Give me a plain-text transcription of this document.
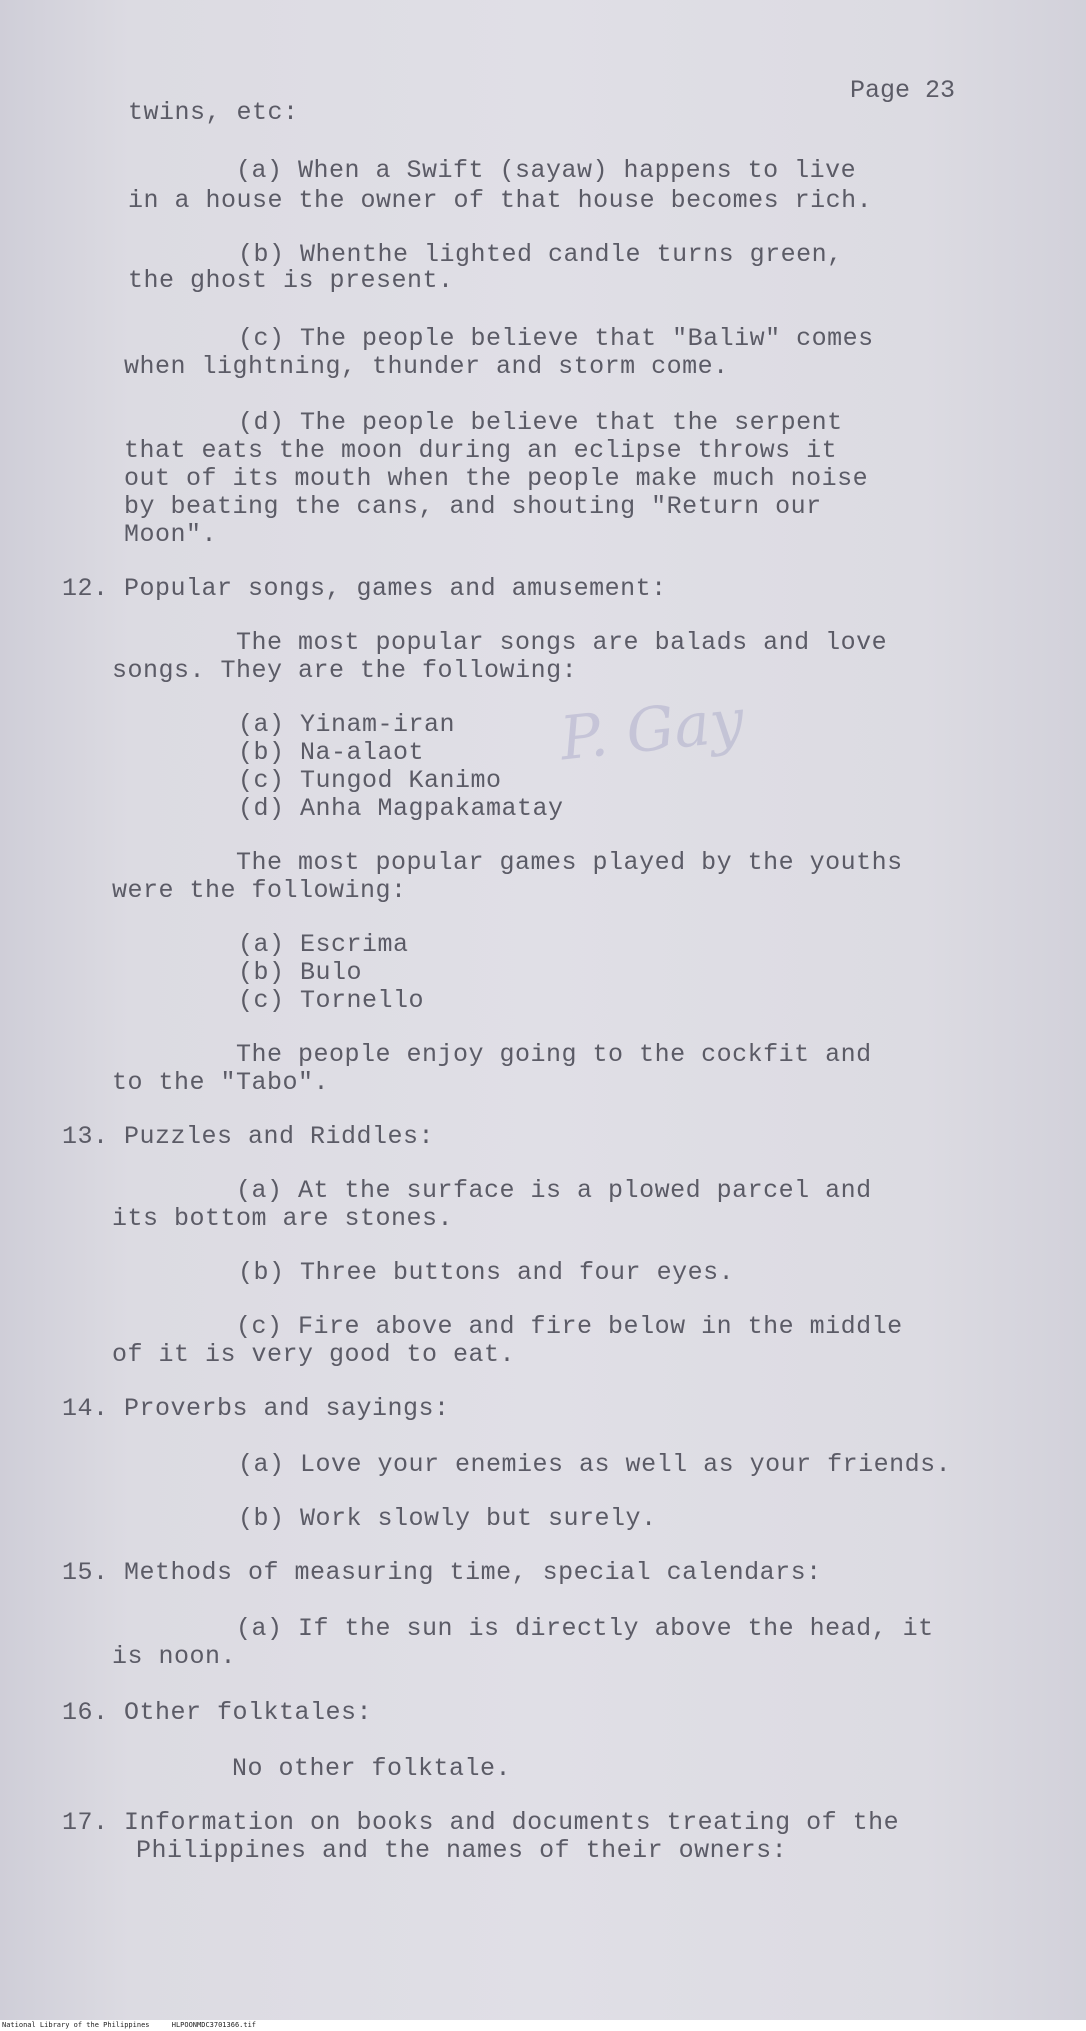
Page 23
P. Gay
twins, etc:
(a) When a Swift (sayaw) happens to live
in a house the owner of that house becomes rich.
(b) Whenthe lighted candle turns green,
the ghost is present.
(c) The people believe that "Baliw" comes
when lightning, thunder and storm come.
(d) The people believe that the serpent
that eats the moon during an eclipse throws it
out of its mouth when the people make much noise
by beating the cans, and shouting "Return our
Moon".
12. Popular songs, games and amusement:
The most popular songs are balads and love
songs. They are the following:
(a) Yinam-iran
(b) Na-alaot
(c) Tungod Kanimo
(d) Anha Magpakamatay
The most popular games played by the youths
were the following:
(a) Escrima
(b) Bulo
(c) Tornello
The people enjoy going to the cockfit and
to the "Tabo".
13. Puzzles and Riddles:
(a) At the surface is a plowed parcel and
its bottom are stones.
(b) Three buttons and four eyes.
(c) Fire above and fire below in the middle
of it is very good to eat.
14. Proverbs and sayings:
(a) Love your enemies as well as your friends.
(b) Work slowly but surely.
15. Methods of measuring time, special calendars:
(a) If the sun is directly above the head, it
is noon.
16. Other folktales:
No other folktale.
17. Information on books and documents treating of the
Philippines and the names of their owners:
National Library of the Philippines	HLPOONMDC3701366.tif
